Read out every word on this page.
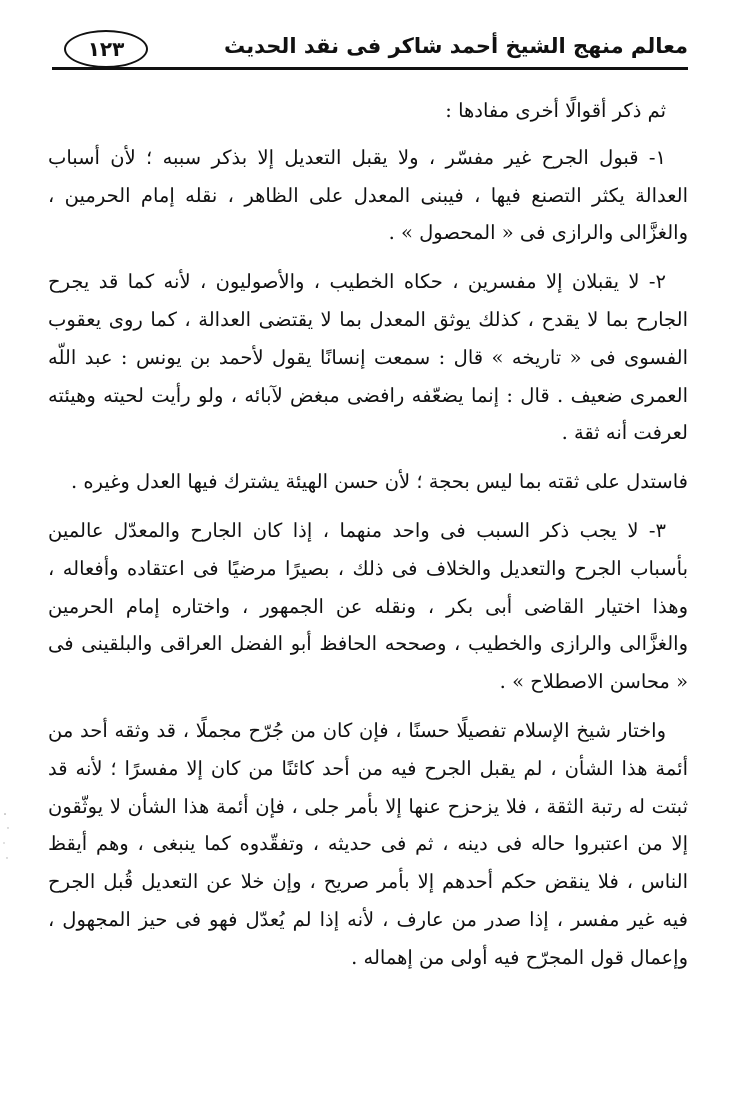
١٢٣	معالم منهج الشيخ أحمد شاكر فى نقد الحديث

ثم ذكر أقوالًا أخرى مفادها :

١- قبول الجرح غير مفسّر ، ولا يقبل التعديل إلا بذكر سببه ؛ لأن أسباب العدالة يكثر التصنع فيها ، فيبنى المعدل على الظاهر ، نقله إمام الحرمين ، والغزَّالى والرازى فى « المحصول » .

٢- لا يقبلان إلا مفسرين ، حكاه الخطيب ، والأصوليون ، لأنه كما قد يجرح الجارح بما لا يقدح ، كذلك يوثق المعدل بما لا يقتضى العدالة ، كما روى يعقوب الفسوى فى « تاريخه » قال : سمعت إنسانًا يقول لأحمد بن يونس : عبد اللّه العمرى ضعيف . قال : إنما يضعّفه رافضى مبغض لآبائه ، ولو رأيت لحيته وهيئته لعرفت أنه ثقة .

فاستدل على ثقته بما ليس بحجة ؛ لأن حسن الهيئة يشترك فيها العدل وغيره .

٣- لا يجب ذكر السبب فى واحد منهما ، إذا كان الجارح والمعدّل عالمين بأسباب الجرح والتعديل والخلاف فى ذلك ، بصيرًا مرضيًا فى اعتقاده وأفعاله ، وهذا اختيار القاضى أبى بكر ، ونقله عن الجمهور ، واختاره إمام الحرمين والغزَّالى والرازى والخطيب ، وصححه الحافظ أبو الفضل العراقى والبلقينى فى « محاسن الاصطلاح » .

واختار شيخ الإسلام تفصيلًا حسنًا ، فإن كان من جُرّح مجملًا ، قد وثقه أحد من أئمة هذا الشأن ، لم يقبل الجرح فيه من أحد كائنًا من كان إلا مفسرًا ؛ لأنه قد ثبتت له رتبة الثقة ، فلا يزحزح عنها إلا بأمر جلى ، فإن أئمة هذا الشأن لا يوثّقون إلا من اعتبروا حاله فى دينه ، ثم فى حديثه ، وتفقّدوه كما ينبغى ، وهم أيقظ الناس ، فلا ينقض حكم أحدهم إلا بأمر صريح ، وإن خلا عن التعديل قُبل الجرح فيه غير مفسر ، إذا صدر من عارف ، لأنه إذا لم يُعدّل فهو فى حيز المجهول ، وإعمال قول المجرّح فيه أولى من إهماله .
